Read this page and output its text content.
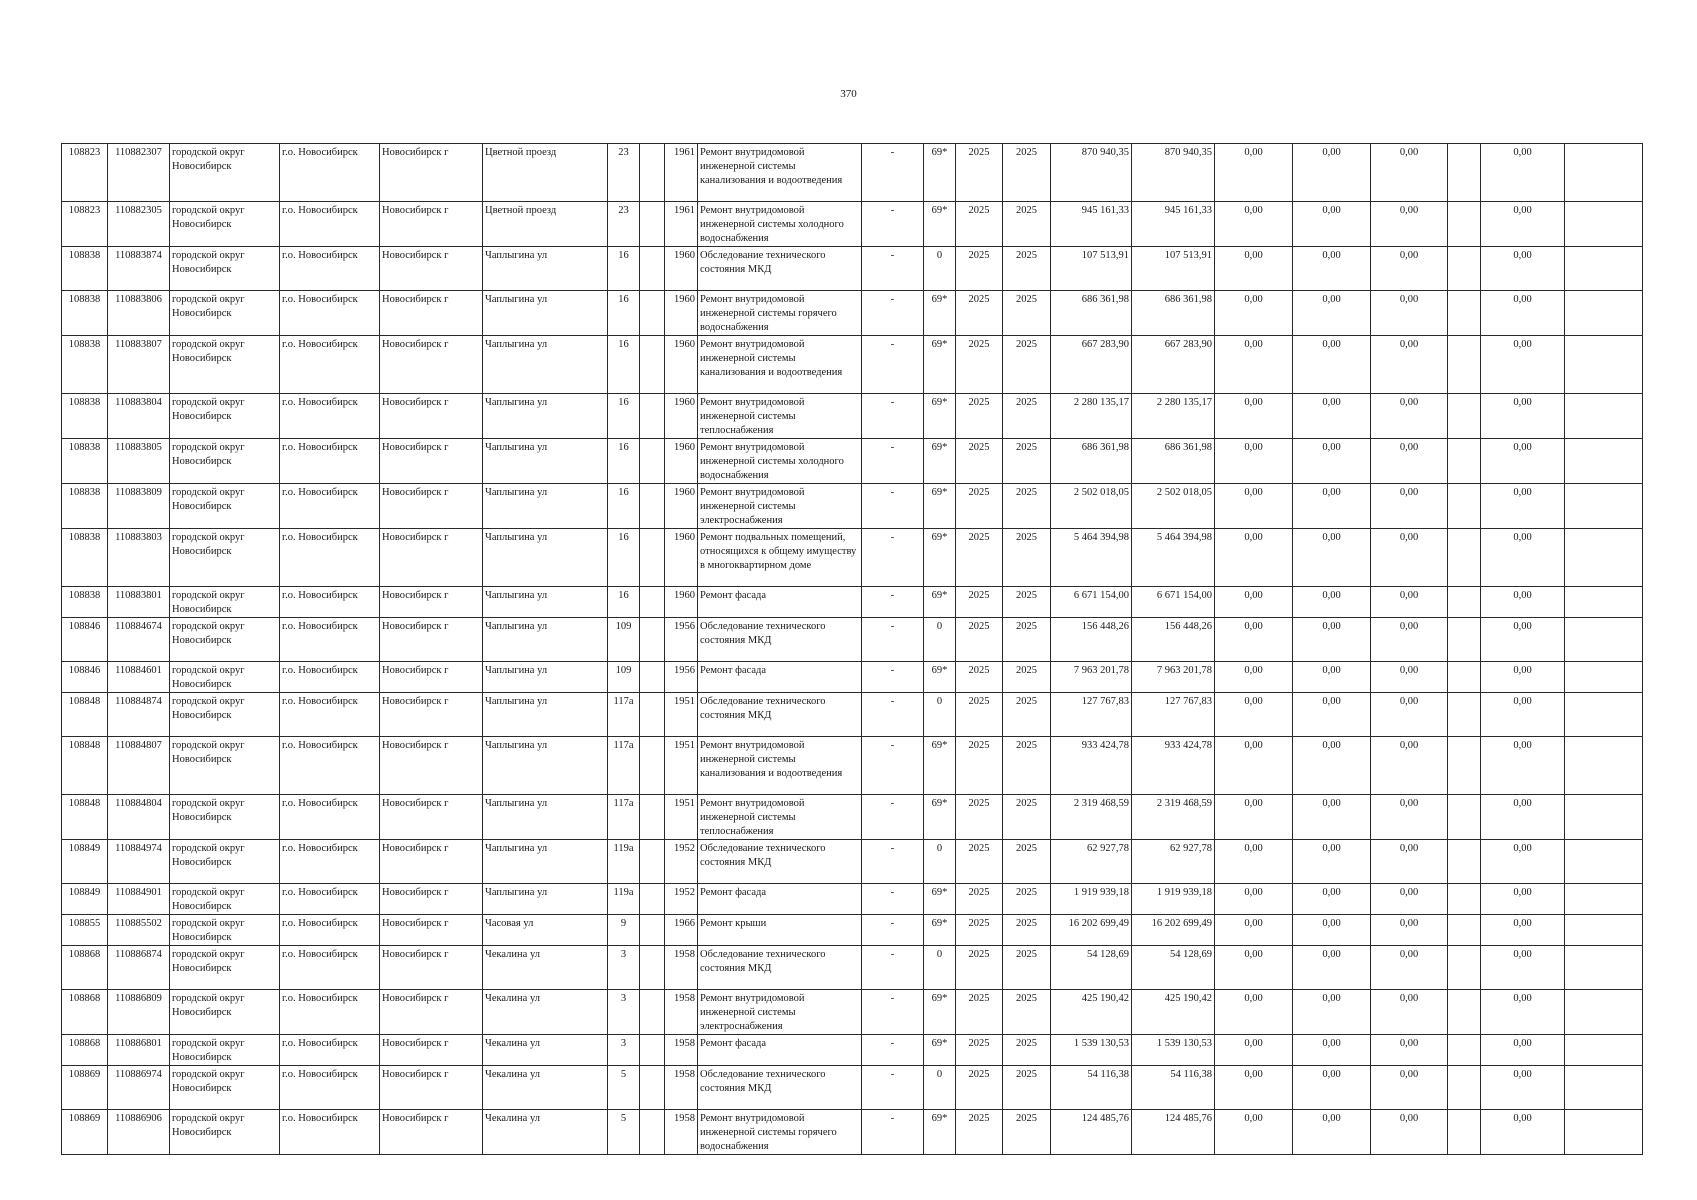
370
108823	110882307	городской округ Новосибирск	г.о. Новосибирск	Новосибирск г	Цветной проезд	23		1961	Ремонт внутридомовой инженерной системы канализования и водоотведения	-	69*	2025	2025	870 940,35	870 940,35	0,00	0,00	0,00		0,00	
108823	110882305	городской округ Новосибирск	г.о. Новосибирск	Новосибирск г	Цветной проезд	23		1961	Ремонт внутридомовой инженерной системы холодного водоснабжения	-	69*	2025	2025	945 161,33	945 161,33	0,00	0,00	0,00		0,00	
108838	110883874	городской округ Новосибирск	г.о. Новосибирск	Новосибирск г	Чаплыгина ул	16		1960	Обследование технического состояния МКД	-	0	2025	2025	107 513,91	107 513,91	0,00	0,00	0,00		0,00	
108838	110883806	городской округ Новосибирск	г.о. Новосибирск	Новосибирск г	Чаплыгина ул	16		1960	Ремонт внутридомовой инженерной системы горячего водоснабжения	-	69*	2025	2025	686 361,98	686 361,98	0,00	0,00	0,00		0,00	
108838	110883807	городской округ Новосибирск	г.о. Новосибирск	Новосибирск г	Чаплыгина ул	16		1960	Ремонт внутридомовой инженерной системы канализования и водоотведения	-	69*	2025	2025	667 283,90	667 283,90	0,00	0,00	0,00		0,00	
108838	110883804	городской округ Новосибирск	г.о. Новосибирск	Новосибирск г	Чаплыгина ул	16		1960	Ремонт внутридомовой инженерной системы теплоснабжения	-	69*	2025	2025	2 280 135,17	2 280 135,17	0,00	0,00	0,00		0,00	
108838	110883805	городской округ Новосибирск	г.о. Новосибирск	Новосибирск г	Чаплыгина ул	16		1960	Ремонт внутридомовой инженерной системы холодного водоснабжения	-	69*	2025	2025	686 361,98	686 361,98	0,00	0,00	0,00		0,00	
108838	110883809	городской округ Новосибирск	г.о. Новосибирск	Новосибирск г	Чаплыгина ул	16		1960	Ремонт внутридомовой инженерной системы электроснабжения	-	69*	2025	2025	2 502 018,05	2 502 018,05	0,00	0,00	0,00		0,00	
108838	110883803	городской округ Новосибирск	г.о. Новосибирск	Новосибирск г	Чаплыгина ул	16		1960	Ремонт подвальных помещений, относящихся к общему имуществу в многоквартирном доме	-	69*	2025	2025	5 464 394,98	5 464 394,98	0,00	0,00	0,00		0,00	
108838	110883801	городской округ Новосибирск	г.о. Новосибирск	Новосибирск г	Чаплыгина ул	16		1960	Ремонт фасада	-	69*	2025	2025	6 671 154,00	6 671 154,00	0,00	0,00	0,00		0,00	
108846	110884674	городской округ Новосибирск	г.о. Новосибирск	Новосибирск г	Чаплыгина ул	109		1956	Обследование технического состояния МКД	-	0	2025	2025	156 448,26	156 448,26	0,00	0,00	0,00		0,00	
108846	110884601	городской округ Новосибирск	г.о. Новосибирск	Новосибирск г	Чаплыгина ул	109		1956	Ремонт фасада	-	69*	2025	2025	7 963 201,78	7 963 201,78	0,00	0,00	0,00		0,00	
108848	110884874	городской округ Новосибирск	г.о. Новосибирск	Новосибирск г	Чаплыгина ул	117а		1951	Обследование технического состояния МКД	-	0	2025	2025	127 767,83	127 767,83	0,00	0,00	0,00		0,00	
108848	110884807	городской округ Новосибирск	г.о. Новосибирск	Новосибирск г	Чаплыгина ул	117а		1951	Ремонт внутридомовой инженерной системы канализования и водоотведения	-	69*	2025	2025	933 424,78	933 424,78	0,00	0,00	0,00		0,00	
108848	110884804	городской округ Новосибирск	г.о. Новосибирск	Новосибирск г	Чаплыгина ул	117а		1951	Ремонт внутридомовой инженерной системы теплоснабжения	-	69*	2025	2025	2 319 468,59	2 319 468,59	0,00	0,00	0,00		0,00	
108849	110884974	городской округ Новосибирск	г.о. Новосибирск	Новосибирск г	Чаплыгина ул	119а		1952	Обследование технического состояния МКД	-	0	2025	2025	62 927,78	62 927,78	0,00	0,00	0,00		0,00	
108849	110884901	городской округ Новосибирск	г.о. Новосибирск	Новосибирск г	Чаплыгина ул	119а		1952	Ремонт фасада	-	69*	2025	2025	1 919 939,18	1 919 939,18	0,00	0,00	0,00		0,00	
108855	110885502	городской округ Новосибирск	г.о. Новосибирск	Новосибирск г	Часовая ул	9		1966	Ремонт крыши	-	69*	2025	2025	16 202 699,49	16 202 699,49	0,00	0,00	0,00		0,00	
108868	110886874	городской округ Новосибирск	г.о. Новосибирск	Новосибирск г	Чекалина ул	3		1958	Обследование технического состояния МКД	-	0	2025	2025	54 128,69	54 128,69	0,00	0,00	0,00		0,00	
108868	110886809	городской округ Новосибирск	г.о. Новосибирск	Новосибирск г	Чекалина ул	3		1958	Ремонт внутридомовой инженерной системы электроснабжения	-	69*	2025	2025	425 190,42	425 190,42	0,00	0,00	0,00		0,00	
108868	110886801	городской округ Новосибирск	г.о. Новосибирск	Новосибирск г	Чекалина ул	3		1958	Ремонт фасада	-	69*	2025	2025	1 539 130,53	1 539 130,53	0,00	0,00	0,00		0,00	
108869	110886974	городской округ Новосибирск	г.о. Новосибирск	Новосибирск г	Чекалина ул	5		1958	Обследование технического состояния МКД	-	0	2025	2025	54 116,38	54 116,38	0,00	0,00	0,00		0,00	
108869	110886906	городской округ Новосибирск	г.о. Новосибирск	Новосибирск г	Чекалина ул	5		1958	Ремонт внутридомовой инженерной системы горячего водоснабжения	-	69*	2025	2025	124 485,76	124 485,76	0,00	0,00	0,00		0,00	
